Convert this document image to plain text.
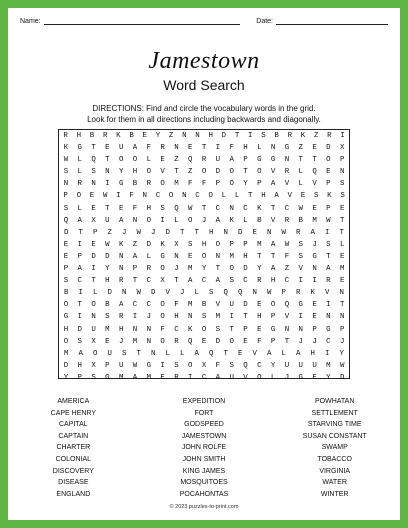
Name:	Date:
Jamestown
Word Search
DIRECTIONS: Find and circle the vocabulary words in the grid.
Look for them in all directions including backwards and diagonally.
R	H	B	R	K	B	E	Y	Z	N	N	H	D	T	I	S	B	R	K	Z	R	I
K	G	T	E	U	A	F	R	N	E	T	I	F	H	L	N	G	Z	E	D	X
W	L	Q	T	O	O	L	E	Z	Q	R	U	A	P	G	G	N	T	T	O	P
S	L	S	N	Y	H	O	V	T	Z	O	D	O	T	O	V	R	L	Q	E	N
N	R	N	I	G	B	R	O	M	F	F	P	O	Y	P	A	V	L	V	P	S
P	O	E	W	I	F	N	C	O	N	C	O	L	L	T	H	A	V	E	S	K	S
S	L	E	T	E	F	H	S	Q	W	T	C	N	C	K	T	C	W	E	P	E
Q	A	X	U	A	N	O	I	L	O	J	A	K	L	B	V	R	B	M	W	T
D	T	P	Z	J	W	J	D	T	T	H	N	D	E	N	W	R	A	I	T
E	I	E	W	K	Z	D	K	X	S	H	O	P	P	M	A	W	S	J	S	L
E	P	D	D	N	A	L	G	N	E	O	N	M	H	T	T	F	S	G	T	E
P	A	I	Y	N	P	R	O	J	M	Y	T	O	D	Y	A	Z	V	N	A	M
S	C	T	H	R	T	C	X	T	A	C	A	S	C	R	H	C	I	I	R	E
B	I	L	D	N	W	D	V	J	L	S	Q	Q	N	W	P	R	K	V	N
O	T	O	B	A	C	C	O	F	M	B	V	U	D	E	O	Q	G	E	I	T
G	I	N	S	R	I	J	O	H	N	S	M	I	T	H	P	V	I	E	N	N
H	D	U	M	H	N	N	F	C	K	O	S	T	P	E	G	N	N	P	G	P
O	S	X	E	J	M	N	O	R	Q	E	D	O	E	F	P	T	J	J	C	J
M	A	O	U	S	T	N	L	L	A	Q	T	E	V	A	L	A	H	I	Y
D	H	X	P	U	W	G	I	S	O	X	F	S	Q	C	Y	U	U	U	M	W
Y	P	S	G	M	A	M	E	R	I	C	A	U	V	O	L	J	G	E	Y	D
AMERICA
CAPE HENRY
CAPITAL
CAPTAIN
CHARTER
COLONIAL
DISCOVERY
DISEASE
ENGLAND
EXPEDITION
FORT
GODSPEED
JAMESTOWN
JOHN ROLFE
JOHN SMITH
KING JAMES
MOSQUITOES
POCAHONTAS
POWHATAN
SETTLEMENT
STARVING TIME
SUSAN CONSTANT
SWAMP
TOBACCO
VIRGINIA
WATER
WINTER
© 2023 puzzles-to-print.com
